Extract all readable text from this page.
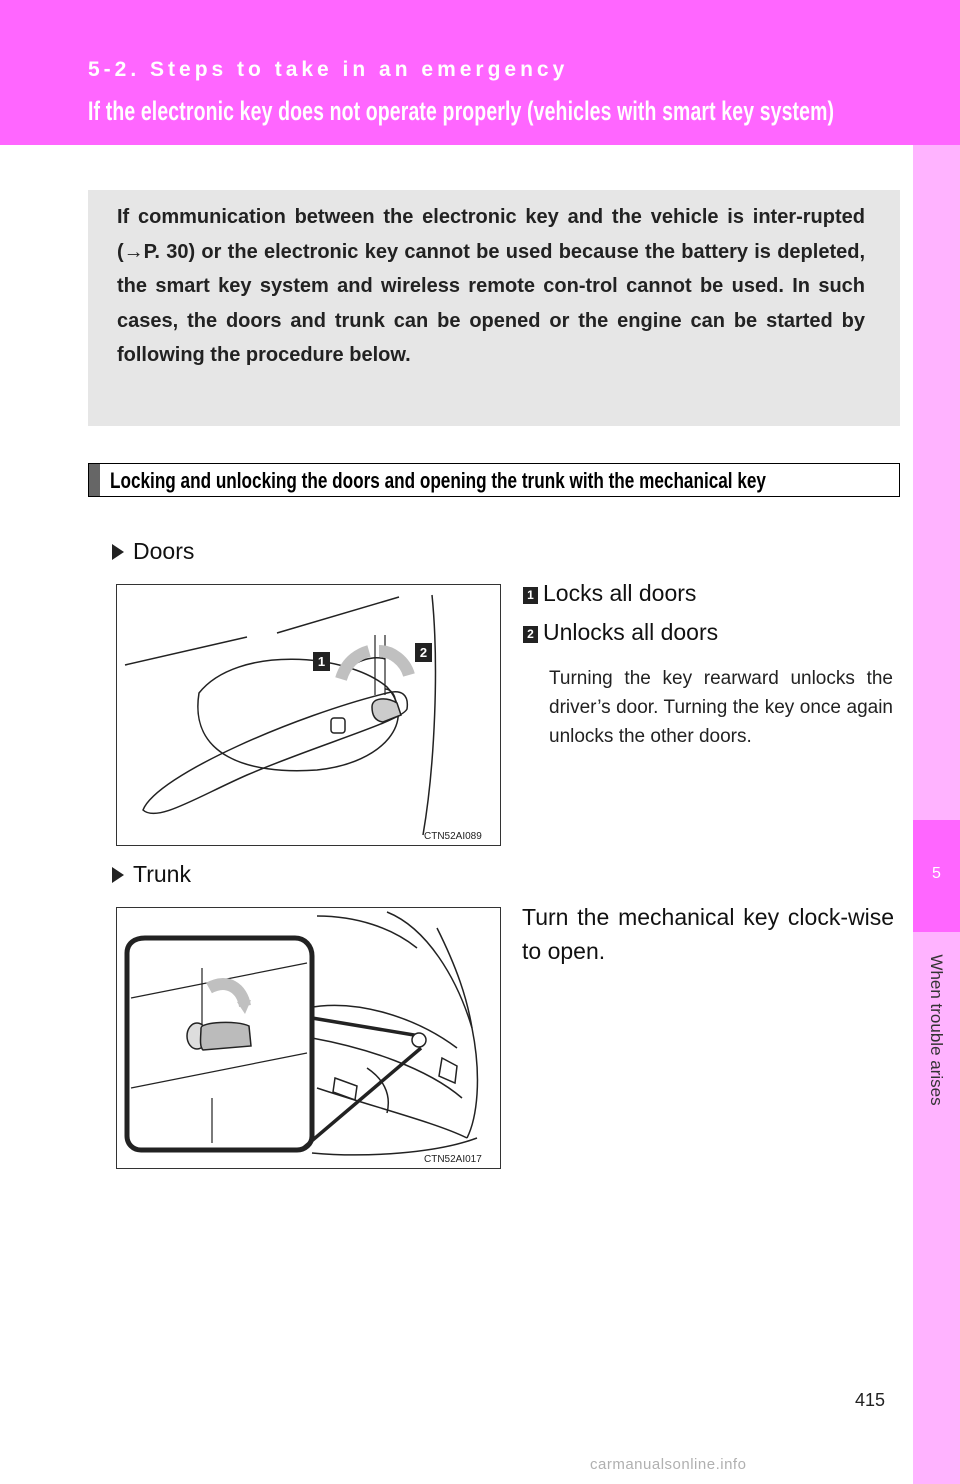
5-2. Steps to take in an emergency
If the electronic key does not operate properly (vehicles with smart key system)
5
When trouble arises
If communication between the electronic key and the vehicle is inter-rupted (→P. 30) or the electronic key cannot be used because the battery is depleted, the smart key system and wireless remote con-trol cannot be used. In such cases, the doors and trunk can be opened or the engine can be started by following the procedure below.
Locking and unlocking the doors and opening the trunk with the mechanical key
Doors
1
2
CTN52AI089
1 Locks all doors
2 Unlocks all doors
Turning the key rearward unlocks the driver’s door. Turning the key once again unlocks the other doors.
Trunk
CTN52AI017
Turn the mechanical key clock-wise to open.
415
carmanualsonline.info
